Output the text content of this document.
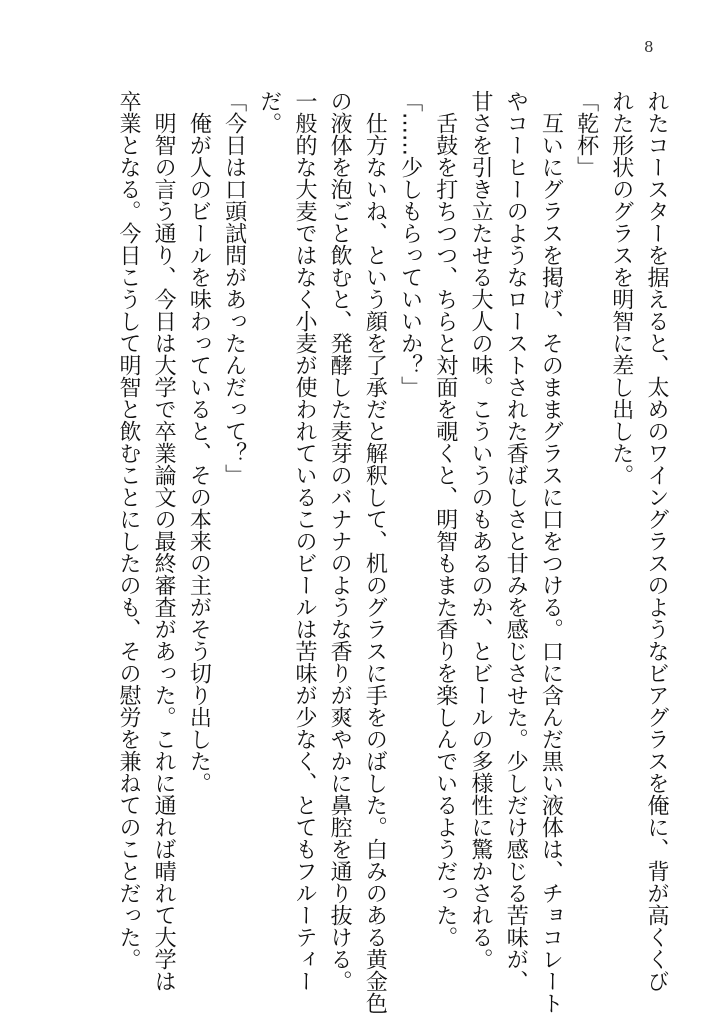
8

れたコースターを据えると、太めのワイングラスのようなビアグラスを俺に、背が高くくび

れた形状のグラスを明智に差し出した。

「乾杯」

　互いにグラスを掲げ、そのままグラスに口をつける。口に含んだ黒い液体は、チョコレート

やコーヒーのようなローストされた香ばしさと甘みを感じさせた。少しだけ感じる苦味が、

甘さを引き立たせる大人の味。こういうのもあるのか、とビールの多様性に驚かされる。

　舌鼓を打ちつつ、ちらと対面を覗くと、明智もまた香りを楽しんでいるようだった。

「……少しもらっていいか？」

　仕方ないね、という顔を了承だと解釈して、机のグラスに手をのばした。白みのある黄金色

の液体を泡ごと飲むと、発酵した麦芽のバナナのような香りが爽やかに鼻腔を通り抜ける。

一般的な大麦ではなく小麦が使われているこのビールは苦味が少なく、とてもフルーティー

だ。

「今日は口頭試問があったんだって？」

　俺が人のビールを味わっていると、その本来の主がそう切り出した。

　明智の言う通り、今日は大学で卒業論文の最終審査があった。これに通れば晴れて大学は

卒業となる。今日こうして明智と飲むことにしたのも、その慰労を兼ねてのことだった。
